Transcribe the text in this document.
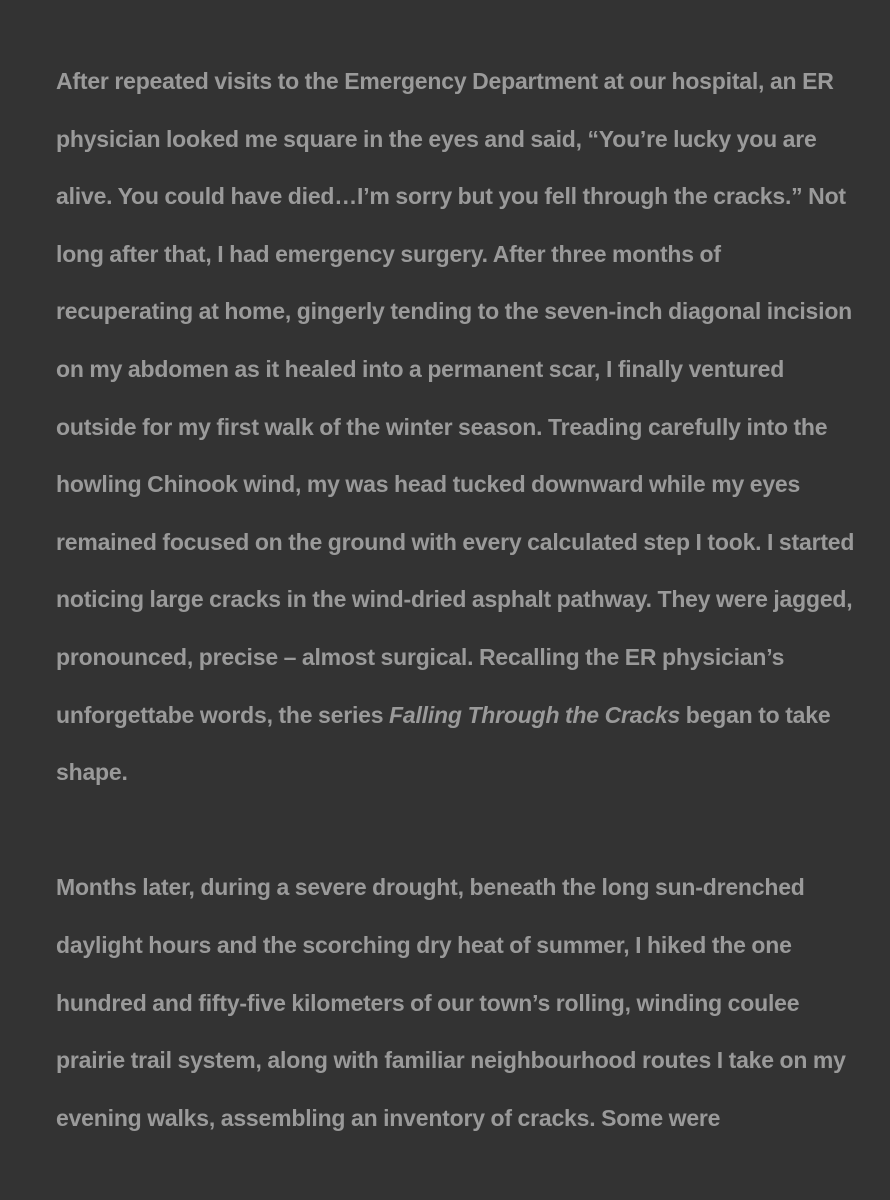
After repeated visits to the Emergency Department at our hospital, an ER physician looked me square in the eyes and said, “You’re lucky you are alive. You could have died…I’m sorry but you fell through the cracks.” Not long after that, I had emergency surgery. After three months of recuperating at home, gingerly tending to the seven-inch diagonal incision on my abdomen as it healed into a permanent scar, I finally ventured outside for my first walk of the winter season. Treading carefully into the howling Chinook wind, my was head tucked downward while my eyes remained focused on the ground with every calculated step I took. I started noticing large cracks in the wind-dried asphalt pathway. They were jagged, pronounced, precise – almost surgical. Recalling the ER physician’s unforgettabe words, the series Falling Through the Cracks began to take shape.

Months later, during a severe drought, beneath the long sun-drenched daylight hours and the scorching dry heat of summer, I hiked the one hundred and fifty-five kilometers of our town’s rolling, winding coulee prairie trail system, along with familiar neighbourhood routes I take on my evening walks, assembling an inventory of cracks. Some were
